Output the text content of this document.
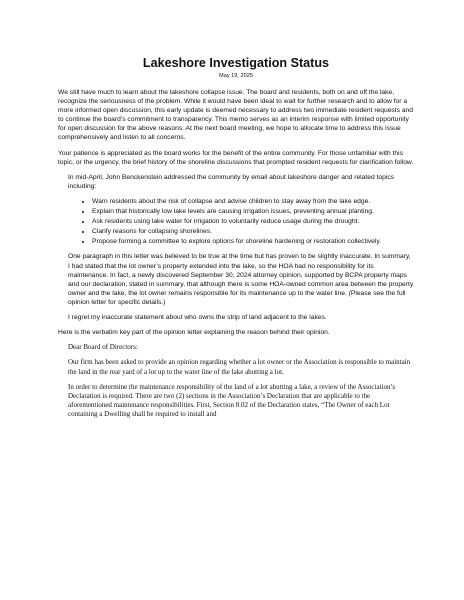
Lakeshore Investigation Status
May 19, 2025

We still have much to learn about the lakeshore collapse issue. The board and residents, both on and off the lake, recognize the seriousness of the problem. While it would have been ideal to wait for further research and to allow for a more informed open discussion, this early update is deemed necessary to address two immediate resident requests and to continue the board’s commitment to transparency. This memo serves as an interim response with limited opportunity for open discussion for the above reasons. At the next board meeting, we hope to allocate time to address this issue comprehensively and listen to all concerns.

Your patience is appreciated as the board works for the benefit of the entire community. For those unfamiliar with this topic, or the urgency, the brief history of the shoreline discussions that prompted resident requests for clarification follow.

In mid-April, John Benckenstein addressed the community by email about lakeshore danger and related topics including:

• Warn residents about the risk of collapse and advise children to stay away from the lake edge.
• Explain that historically low lake levels are causing irrigation issues, preventing annual planting.
• Ask residents using lake water for irrigation to voluntarily reduce usage during the drought.
• Clarify reasons for collapsing shorelines.
• Propose forming a committee to explore options for shoreline hardening or restoration collectively.

One paragraph in this letter was believed to be true at the time but has proven to be slightly inaccurate. In summary, I had stated that the lot owner’s property extended into the lake, so the HOA had no responsibility for its maintenance. In fact, a newly discovered September 30, 2024 attorney opinion, supported by BCPA property maps and our declaration, stated in summary, that although there is some HOA-owned common area between the property owner and the lake, the lot owner remains responsible for its maintenance up to the water line. (Please see the full opinion letter for specific details.)

I regret my inaccurate statement about who owns the strip of land adjacent to the lakes.

Here is the verbatim key part of the opinion letter explaining the reason behind their opinion.

Dear Board of Directors:

Our firm has been asked to provide an opinion regarding whether a lot owner or the Association is responsible to maintain the land in the rear yard of a lot up to the water line of the lake abutting a lot.

In order to determine the maintenance responsibility of the land of a lot abutting a lake, a review of the Association’s Declaration is required. There are two (2) sections in the Association’s Declaration that are applicable to the aforementioned maintenance responsibilities. First, Section 8.02 of the Declaration states, “The Owner of each Lot containing a Dwelling shall be required to install and
